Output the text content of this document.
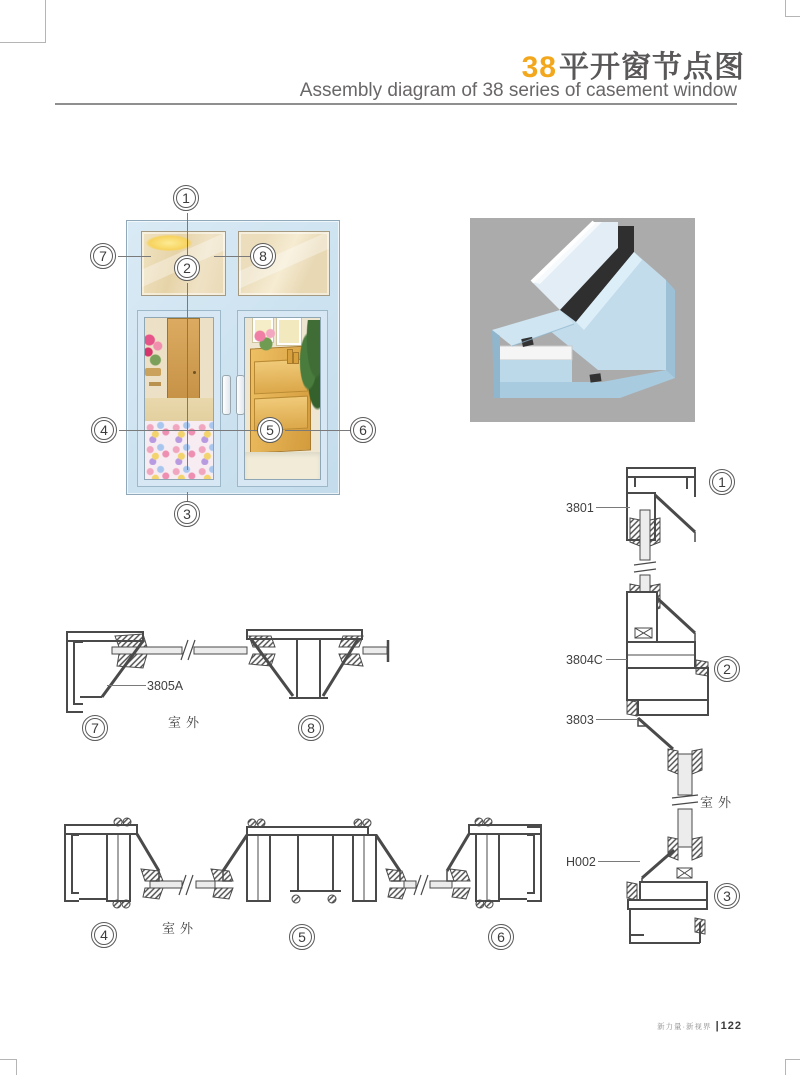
38平开窗节点图
Assembly diagram of 38 series of casement window
1
7
2
8
4	5	6
3
3805A
3801
3804C
3803
H002
室外
室外
室外
7	8
4	5	6
1
2
3
新力量·新视界 | 122
